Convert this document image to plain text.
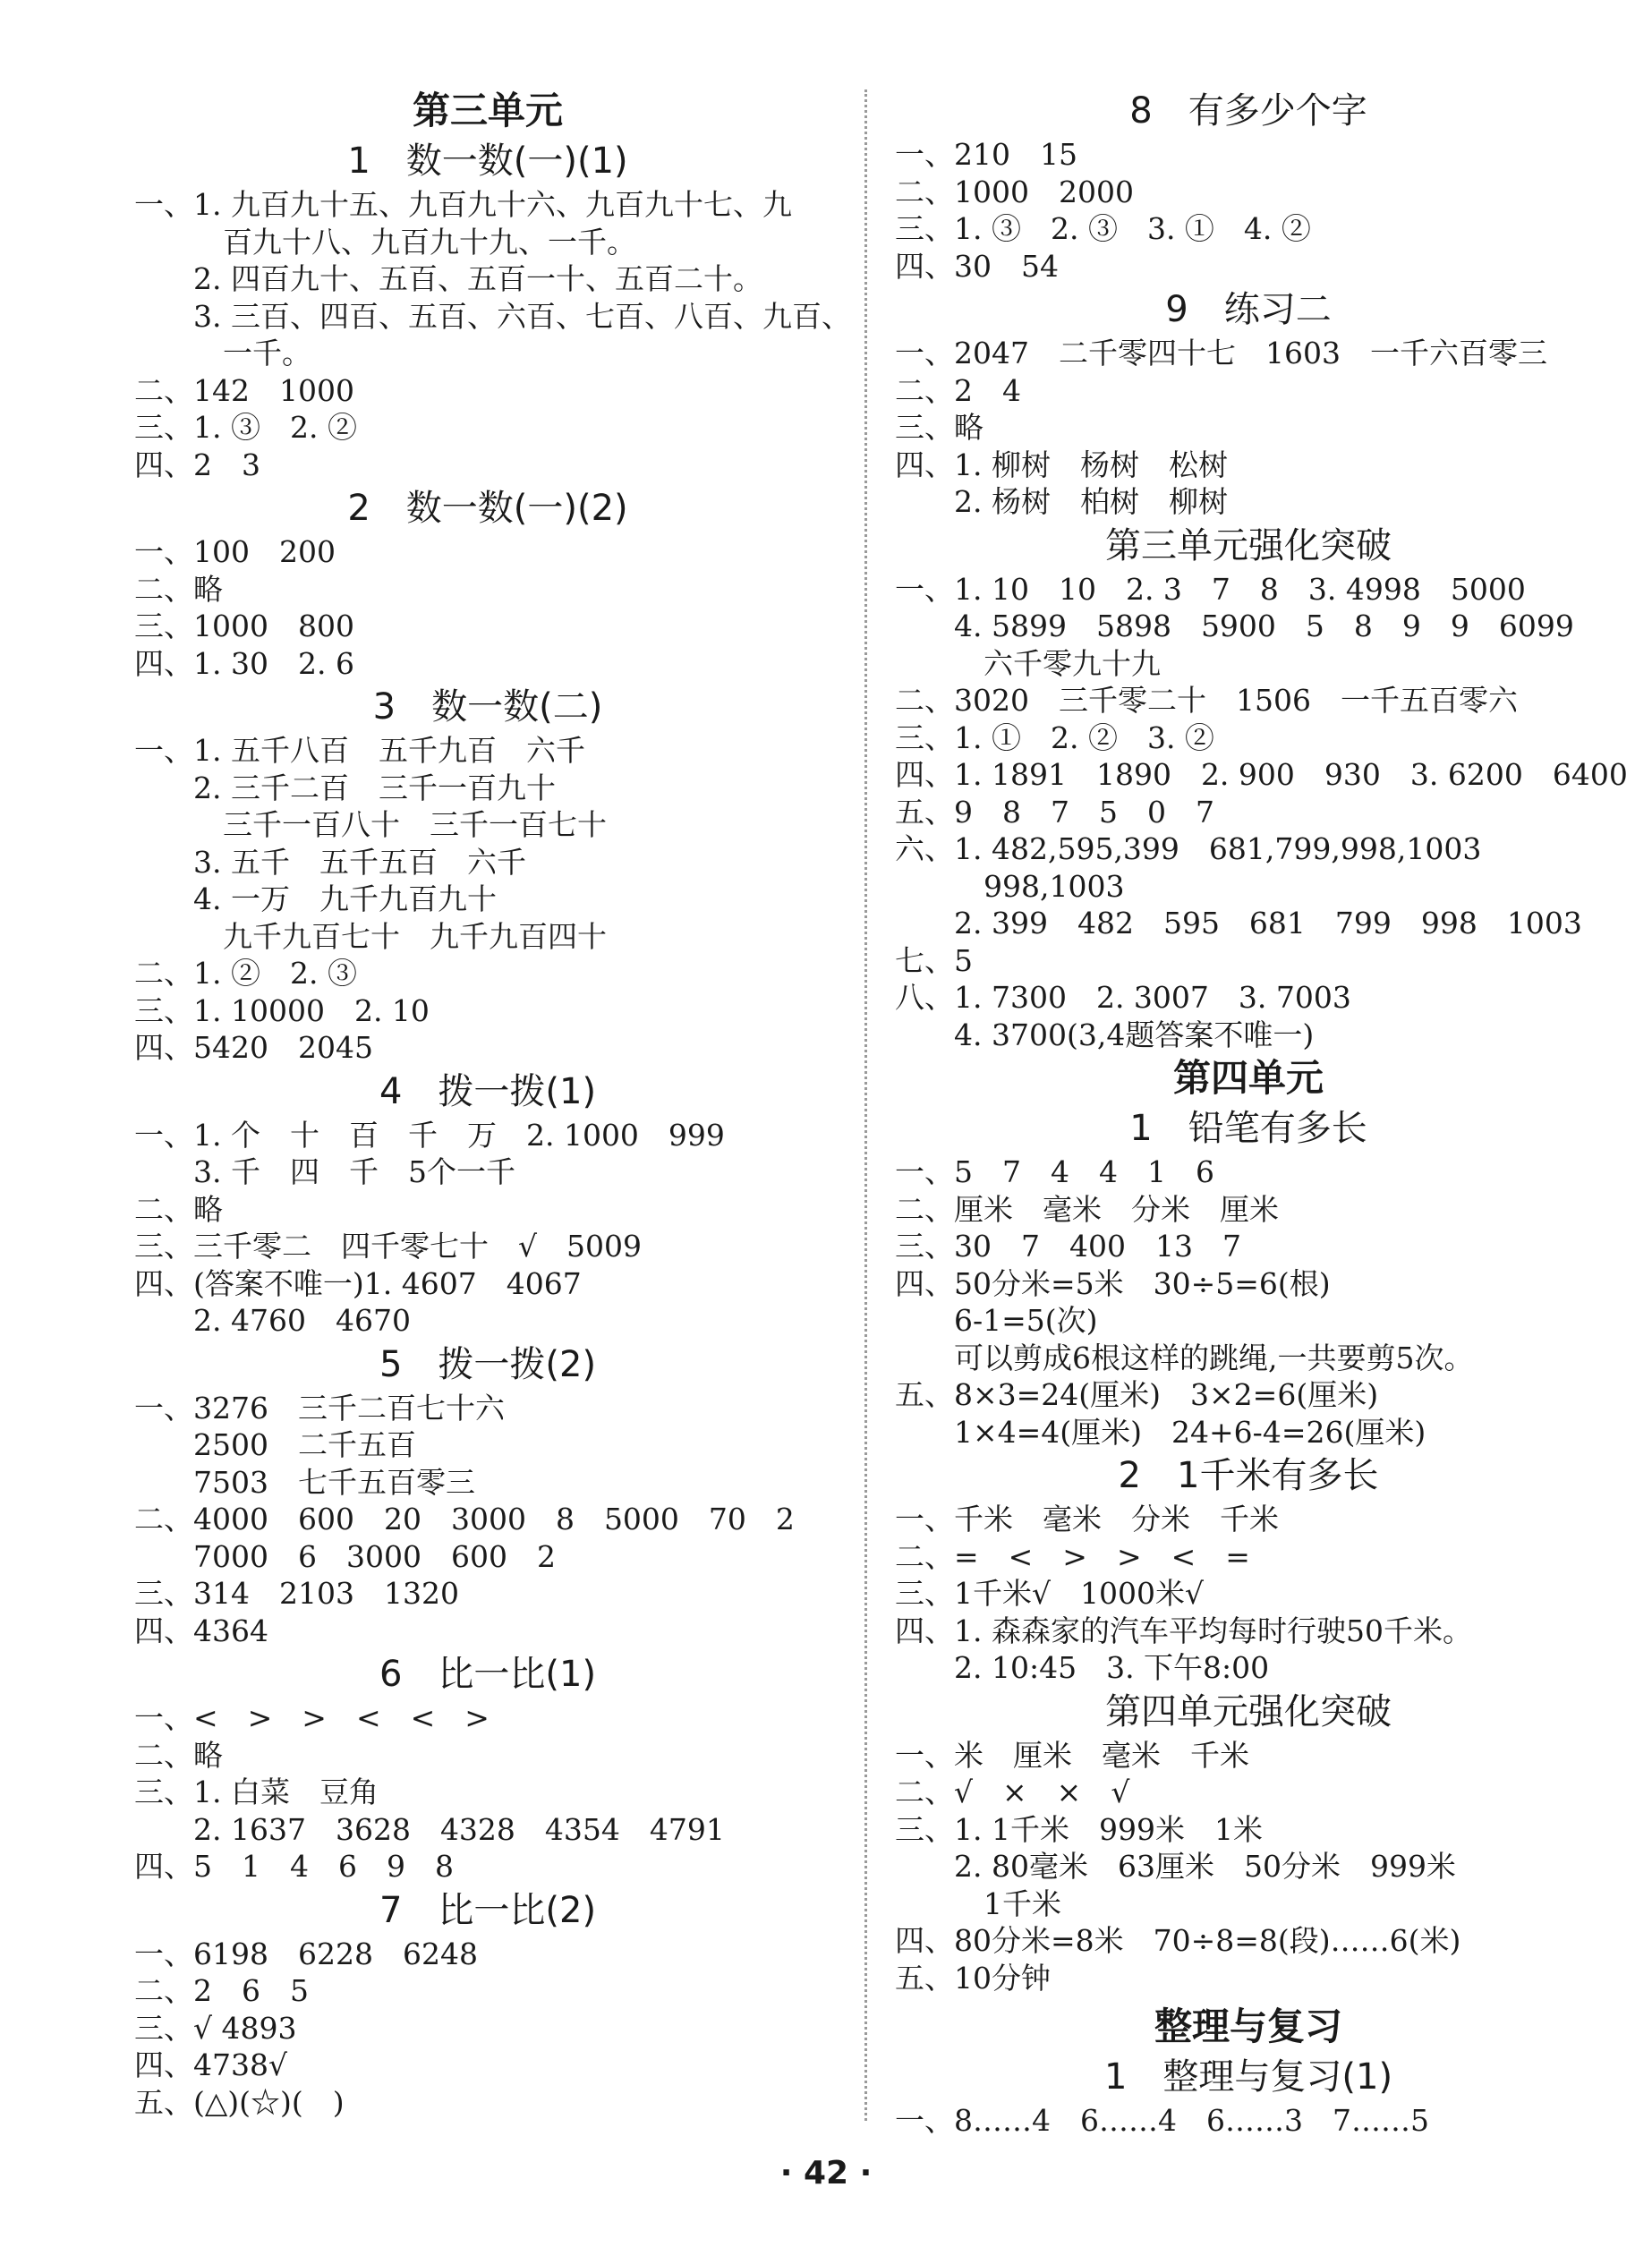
第三单元
1　数一数(一)(1)
一、1. 九百九十五、九百九十六、九百九十七、九
　　　百九十八、九百九十九、一千。
　　2. 四百九十、五百、五百一十、五百二十。
　　3. 三百、四百、五百、六百、七百、八百、九百、
　　　一千。
二、142　1000
三、1. ③　2. ②
四、2　3
2　数一数(一)(2)
一、100　200
二、略
三、1000　800
四、1. 30　2. 6
3　数一数(二)
一、1. 五千八百　五千九百　六千
　　2. 三千二百　三千一百九十
　　　三千一百八十　三千一百七十
　　3. 五千　五千五百　六千
　　4. 一万　九千九百九十
　　　九千九百七十　九千九百四十
二、1. ②　2. ③
三、1. 10000　2. 10
四、5420　2045
4　拨一拨(1)
一、1. 个　十　百　千　万　2. 1000　999
　　3. 千　四　千　5个一千
二、略
三、三千零二　四千零七十　√　5009
四、(答案不唯一)1. 4607　4067
　　2. 4760　4670
5　拨一拨(2)
一、3276　三千二百七十六
　　2500　二千五百
　　7503　七千五百零三
二、4000　600　20　3000　8　5000　70　2
　　7000　6　3000　600　2
三、314　2103　1320
四、4364
6　比一比(1)
一、<　>　>　<　<　>
二、略
三、1. 白菜　豆角
　　2. 1637　3628　4328　4354　4791
四、5　1　4　6　9　8
7　比一比(2)
一、6198　6228　6248
二、2　6　5
三、√ 4893
四、4738√
五、(△)(☆)(　)
8　有多少个字
一、210　15
二、1000　2000
三、1. ③　2. ③　3. ①　4. ②
四、30　54
9　练习二
一、2047　二千零四十七　1603　一千六百零三
二、2　4
三、略
四、1. 柳树　杨树　松树
　　2. 杨树　柏树　柳树
第三单元强化突破
一、1. 10　10　2. 3　7　8　3. 4998　5000
　　4. 5899　5898　5900　5　8　9　9　6099
　　　六千零九十九
二、3020　三千零二十　1506　一千五百零六
三、1. ①　2. ②　3. ②
四、1. 1891　1890　2. 900　930　3. 6200　6400
五、9　8　7　5　0　7
六、1. 482,595,399　681,799,998,1003
　　　998,1003
　　2. 399　482　595　681　799　998　1003
七、5
八、1. 7300　2. 3007　3. 7003
　　4. 3700(3,4题答案不唯一)
第四单元
1　铅笔有多长
一、5　7　4　4　1　6
二、厘米　毫米　分米　厘米
三、30　7　400　13　7
四、50分米=5米　30÷5=6(根)
　　6-1=5(次)
　　可以剪成6根这样的跳绳,一共要剪5次。
五、8×3=24(厘米)　3×2=6(厘米)
　　1×4=4(厘米)　24+6-4=26(厘米)
2　1千米有多长
一、千米　毫米　分米　千米
二、=　<　>　>　<　=
三、1千米√　1000米√
四、1. 森森家的汽车平均每时行驶50千米。
　　2. 10:45　3. 下午8:00
第四单元强化突破
一、米　厘米　毫米　千米
二、√　×　×　√
三、1. 1千米　999米　1米
　　2. 80毫米　63厘米　50分米　999米
　　　1千米
四、80分米=8米　70÷8=8(段)……6(米)
五、10分钟
整理与复习
1　整理与复习(1)
一、8……4　6……4　6……3　7……5
· 42 ·
